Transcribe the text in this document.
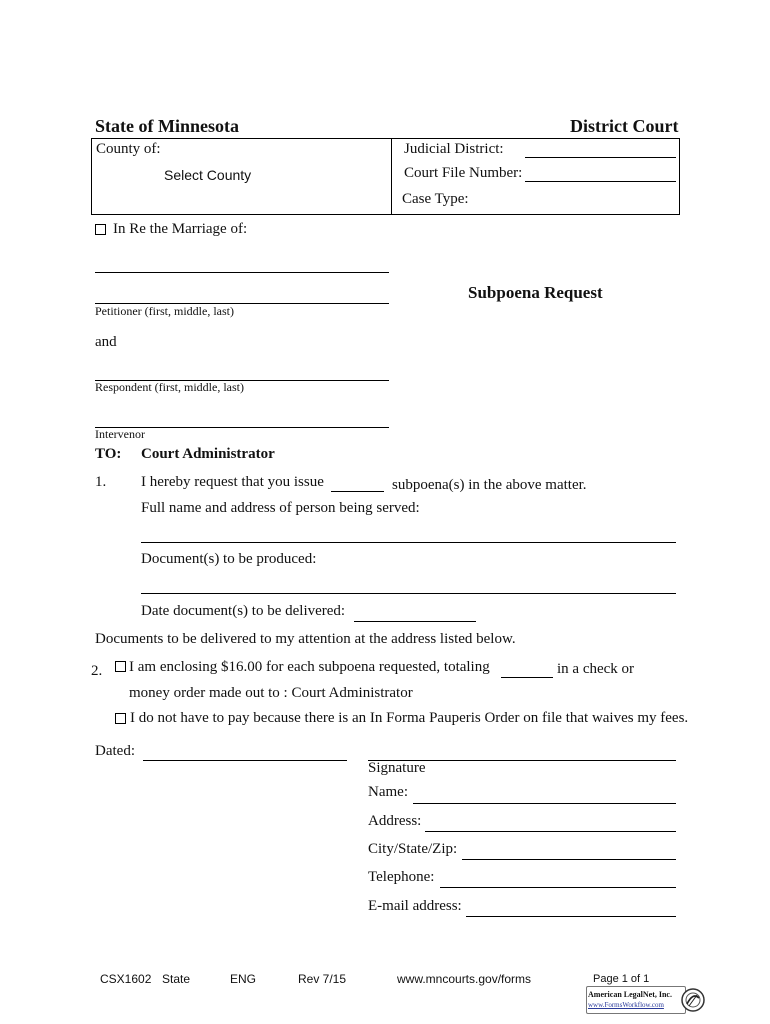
State of Minnesota	District Court
County of:
Select County
Judicial District:
Court File Number:
Case Type:
In Re the Marriage of:
Petitioner (first, middle, last)
and
Respondent (first, middle, last)
Intervenor
Subpoena Request
TO: Court Administrator
1. I hereby request that you issue	subpoena(s) in the above matter.
Full name and address of person being served:
Document(s) to be produced:
Date document(s) to be delivered:
Documents to be delivered to my attention at the address listed below.
2. I am enclosing $16.00 for each subpoena requested, totaling	in a check or
money order made out to : Court Administrator
I do not have to pay because there is an In Forma Pauperis Order on file that waives my fees.
Dated:
Signature
Name:
Address:
City/State/Zip:
Telephone:
E-mail address:
CSX1602 State	ENG	Rev 7/15	www.mncourts.gov/forms	Page 1 of 1
American LegalNet, Inc.
www.FormsWorkflow.com
